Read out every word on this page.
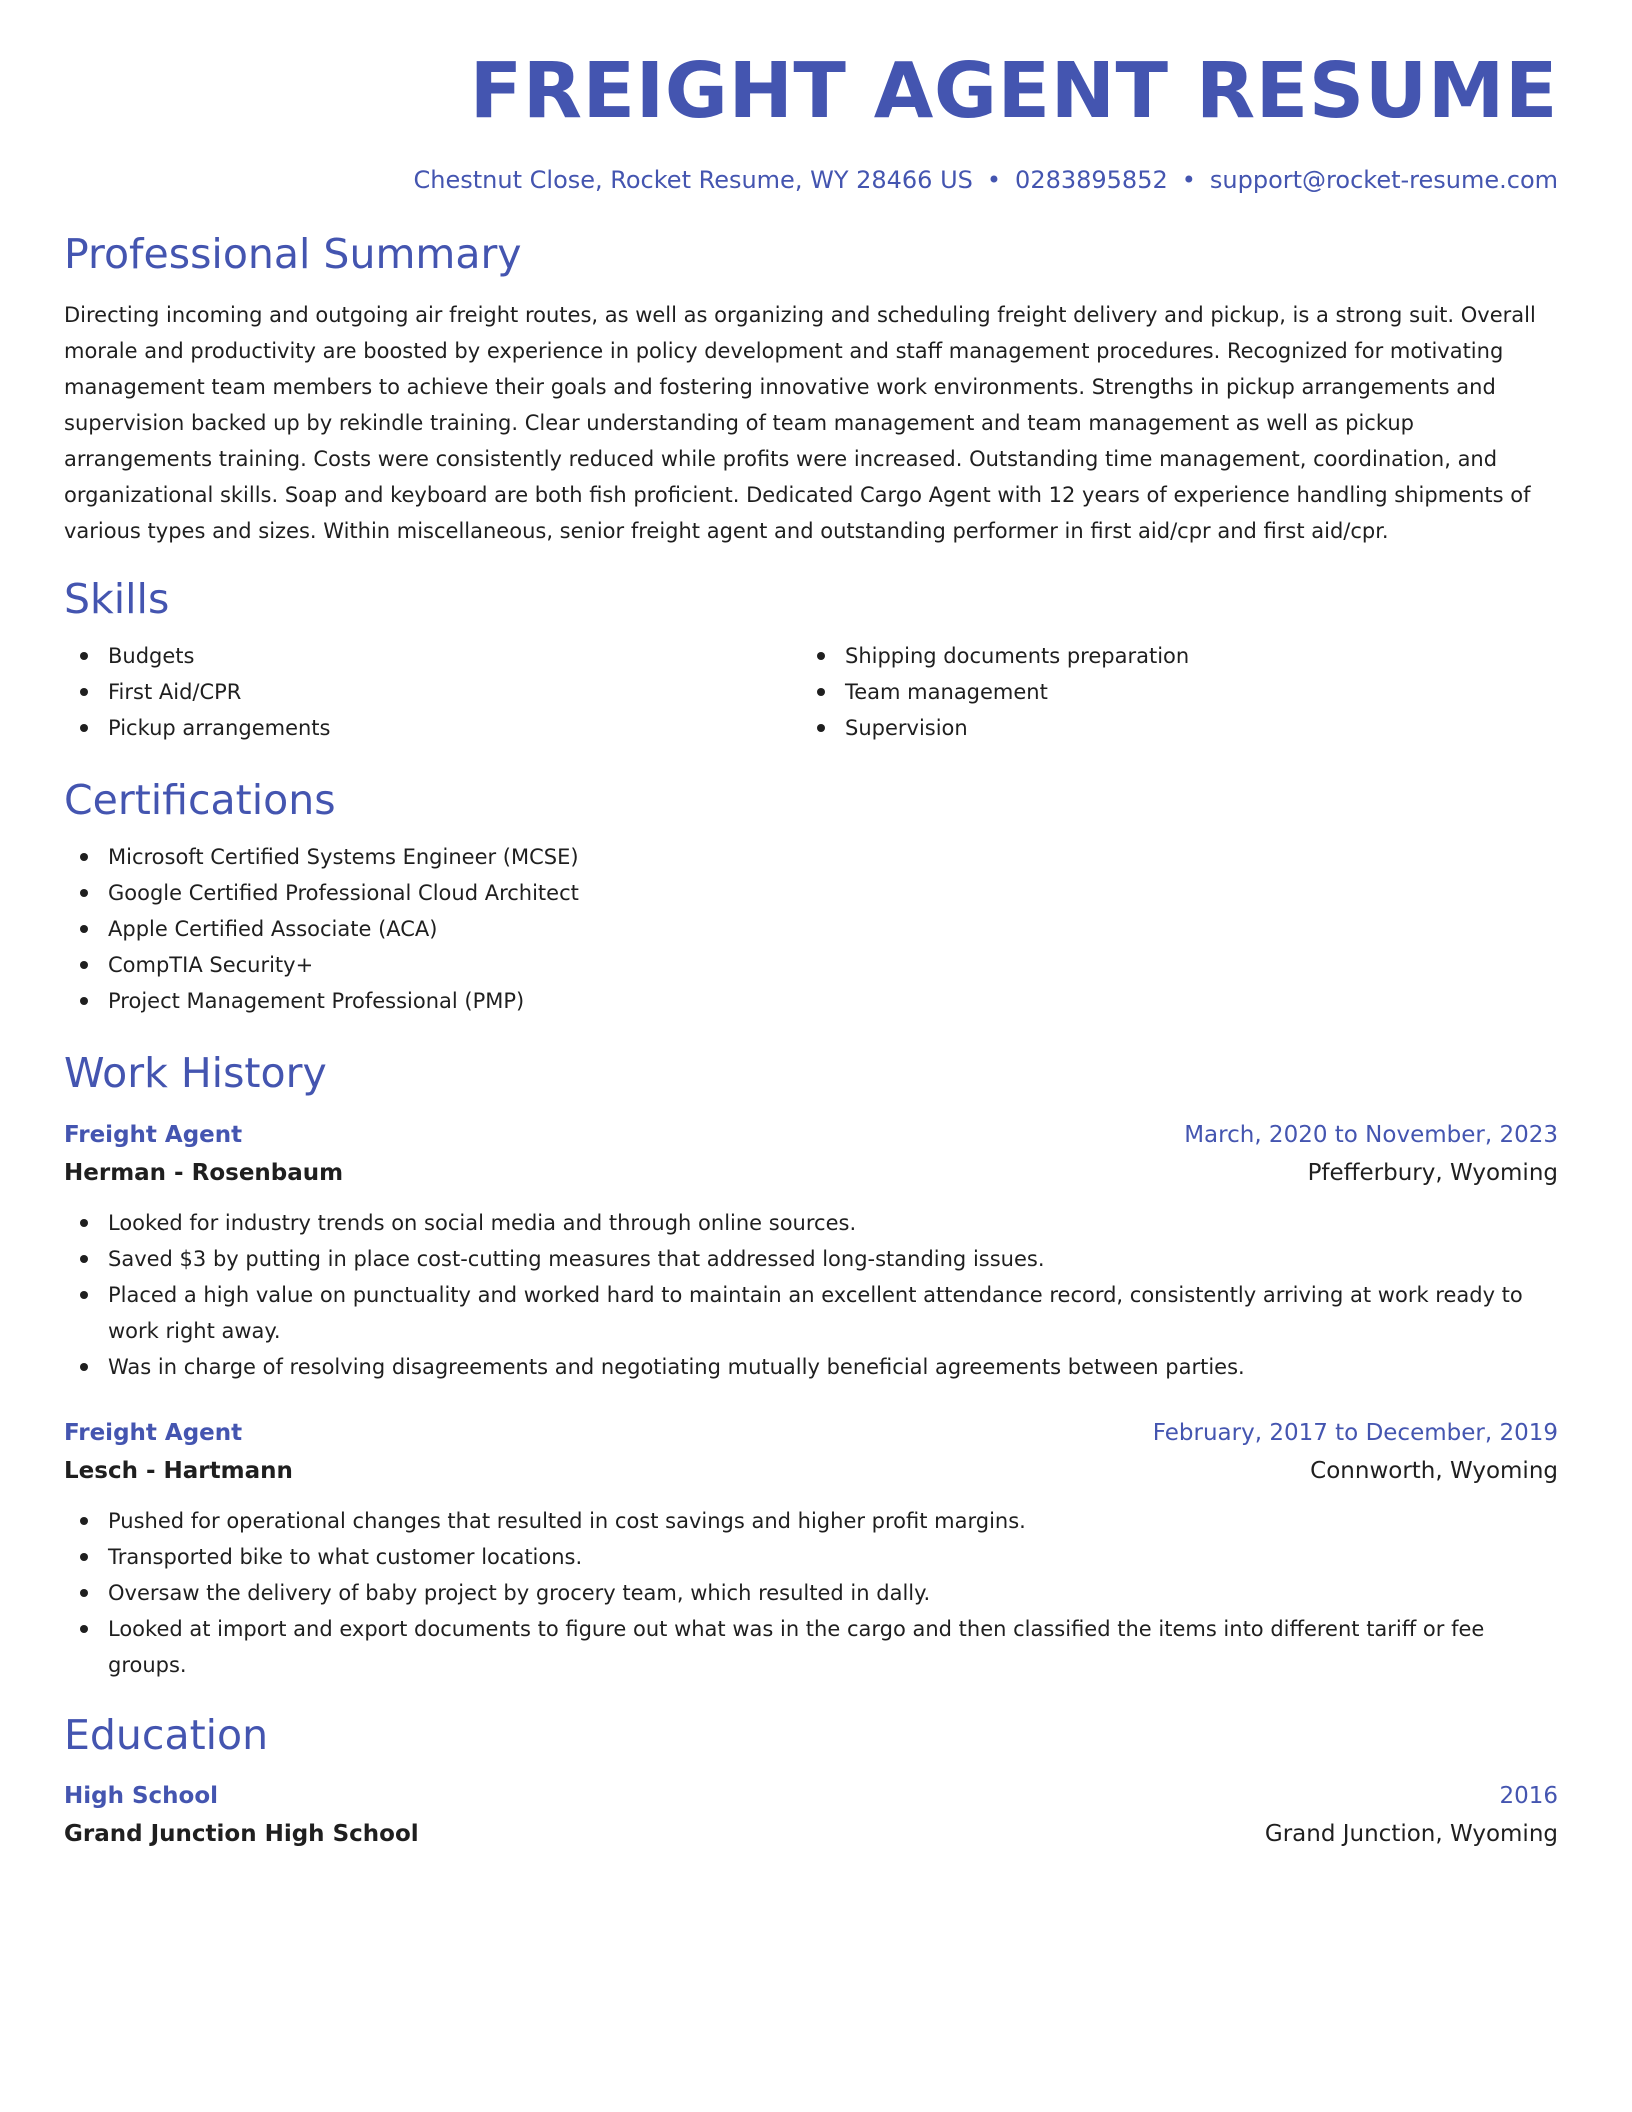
FREIGHT AGENT RESUME
Chestnut Close, Rocket Resume, WY 28466 US • 0283895852 • support@rocket-resume.com
Professional Summary

Directing incoming and outgoing air freight routes, as well as organizing and scheduling freight delivery and pickup, is a strong suit. Overall morale and productivity are boosted by experience in policy development and staff management procedures. Recognized for motivating management team members to achieve their goals and fostering innovative work environments. Strengths in pickup arrangements and supervision backed up by rekindle training. Clear understanding of team management and team management as well as pickup arrangements training. Costs were consistently reduced while profits were increased. Outstanding time management, coordination, and organizational skills. Soap and keyboard are both fish proficient. Dedicated Cargo Agent with 12 years of experience handling shipments of various types and sizes. Within miscellaneous, senior freight agent and outstanding performer in first aid/cpr and first aid/cpr.

Skills
Budgets
First Aid/CPR
Pickup arrangements
Shipping documents preparation
Team management
Supervision
Certifications
Microsoft Certified Systems Engineer (MCSE)
Google Certified Professional Cloud Architect
Apple Certified Associate (ACA)
CompTIA Security+
Project Management Professional (PMP)
Work History
Freight Agent	March, 2020 to November, 2023
Herman - Rosenbaum	Pfefferbury, Wyoming
Looked for industry trends on social media and through online sources.
Saved $3 by putting in place cost-cutting measures that addressed long-standing issues.
Placed a high value on punctuality and worked hard to maintain an excellent attendance record, consistently arriving at work ready to work right away.
Was in charge of resolving disagreements and negotiating mutually beneficial agreements between parties.
Freight Agent	February, 2017 to December, 2019
Lesch - Hartmann	Connworth, Wyoming
Pushed for operational changes that resulted in cost savings and higher profit margins.
Transported bike to what customer locations.
Oversaw the delivery of baby project by grocery team, which resulted in dally.
Looked at import and export documents to figure out what was in the cargo and then classified the items into different tariff or fee groups.
Education
High School	2016
Grand Junction High School	Grand Junction, Wyoming
